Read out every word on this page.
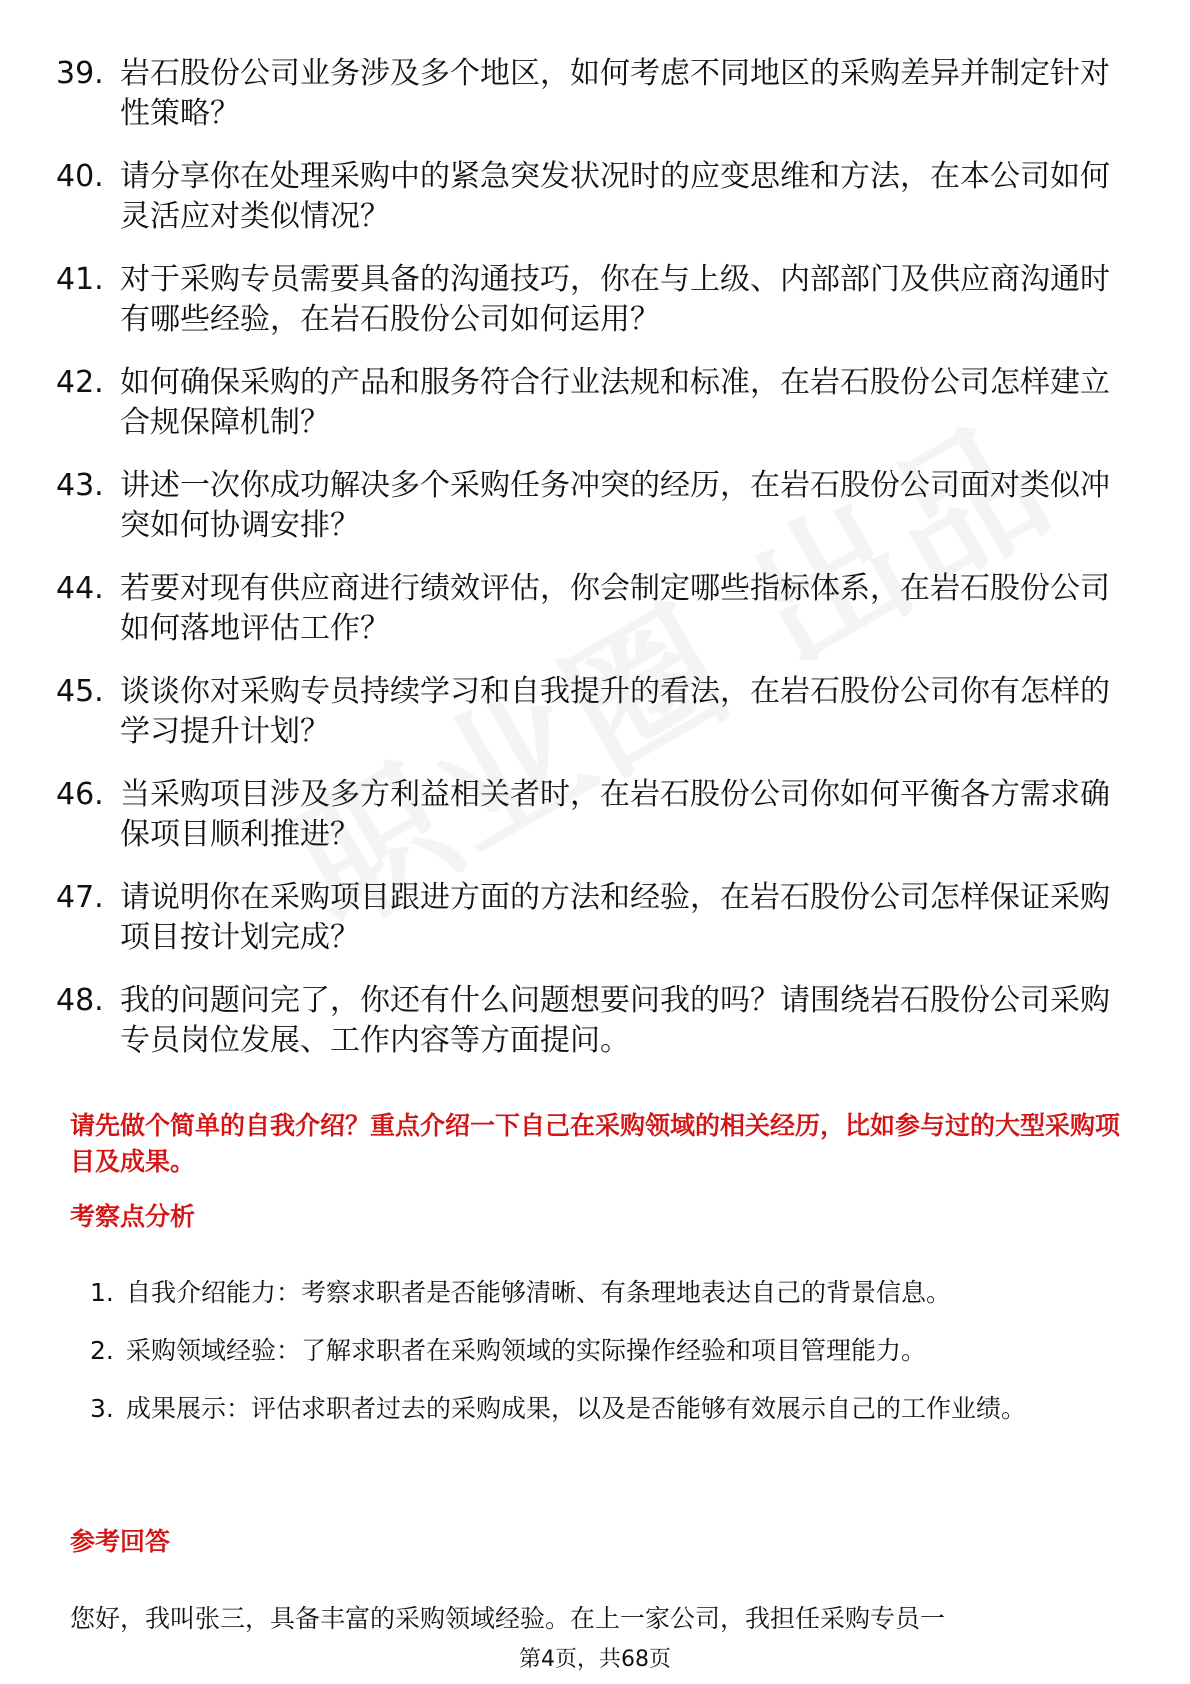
39. 岩石股份公司业务涉及多个地区，如何考虑不同地区的采购差异并制定针对性策略？
40. 请分享你在处理采购中的紧急突发状况时的应变思维和方法，在本公司如何灵活应对类似情况？
41. 对于采购专员需要具备的沟通技巧，你在与上级、内部部门及供应商沟通时有哪些经验，在岩石股份公司如何运用？
42. 如何确保采购的产品和服务符合行业法规和标准，在岩石股份公司怎样建立合规保障机制？
43. 讲述一次你成功解决多个采购任务冲突的经历，在岩石股份公司面对类似冲突如何协调安排？
44. 若要对现有供应商进行绩效评估，你会制定哪些指标体系，在岩石股份公司如何落地评估工作？
45. 谈谈你对采购专员持续学习和自我提升的看法，在岩石股份公司你有怎样的学习提升计划？
46. 当采购项目涉及多方利益相关者时，在岩石股份公司你如何平衡各方需求确保项目顺利推进？
47. 请说明你在采购项目跟进方面的方法和经验，在岩石股份公司怎样保证采购项目按计划完成？
48. 我的问题问完了，你还有什么问题想要问我的吗？请围绕岩石股份公司采购专员岗位发展、工作内容等方面提问。

请先做个简单的自我介绍？重点介绍一下自己在采购领域的相关经历，比如参与过的大型采购项目及成果。

考察点分析
1. 自我介绍能力：考察求职者是否能够清晰、有条理地表达自己的背景信息。
2. 采购领域经验：了解求职者在采购领域的实际操作经验和项目管理能力。
3. 成果展示：评估求职者过去的采购成果，以及是否能够有效展示自己的工作业绩。
参考回答

您好，我叫张三，具备丰富的采购领域经验。在上一家公司，我担任采购专员一

第4页，共68页
